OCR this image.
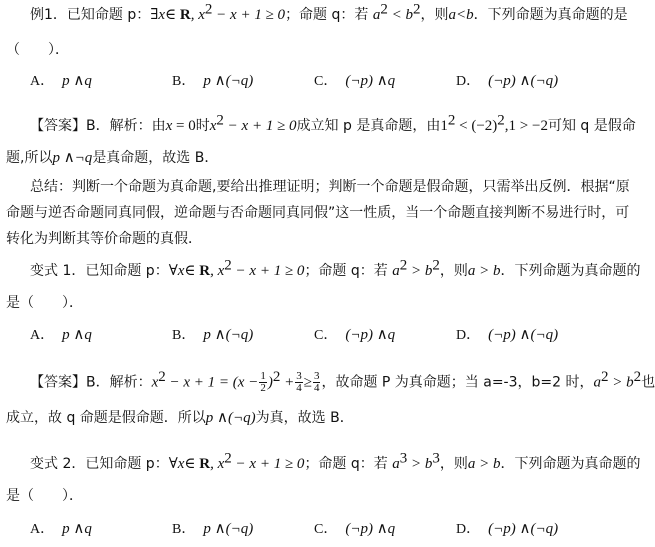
例1．已知命题 p：∃x∈ R, $x^2 - x + 1 \ge 0$；命题 q：若 $a^2 < b^2$，则a<b．下列命题为真命题的是
（　　）．
A． p ∧q	B． p ∧(¬q)	C． (¬p) ∧q	D． (¬p) ∧(¬q)
【答案】B．解析：由x = 0时$x^2 - x + 1 \ge 0$成立知 p 是真命题，由$1^2 < (-2)^2,1 > -2$可知 q 是假命
题,所以p ∧¬q是真命题，故选 B．
总结：判断一个命题为真命题,要给出推理证明；判断一个命题是假命题，只需举出反例．根据“原
命题与逆否命题同真同假，逆命题与否命题同真同假”这一性质，当一个命题直接判断不易进行时，可
转化为判断其等价命题的真假．
变式 1．已知命题 p：∀x∈ R, $x^2 - x + 1 \ge 0$；命题 q：若 $a^2 > b^2$，则a > b．下列命题为真命题的
是（　　）．
A． p ∧q	B． p ∧(¬q)	C． (¬p) ∧q	D． (¬p) ∧(¬q)
【答案】B．解析：$x^2 - x + 1 = (x - \frac{1}{2} )^2 + \frac{3}{4} \ge \frac{3}{4}$ ，故命题 P 为真命题；当 a=-3，b=2 时，$a^2 > b^2$也
成立，故 q 命题是假命题．所以p ∧(¬q)为真，故选 B．
变式 2．已知命题 p：∀x∈ R, $x^2 - x + 1 \ge 0$；命题 q：若 $a^3 > b^3$，则a > b．下列命题为真命题的
是（　　）．
A． p ∧q	B． p ∧(¬q)	C． (¬p) ∧q	D． (¬p) ∧(¬q)
